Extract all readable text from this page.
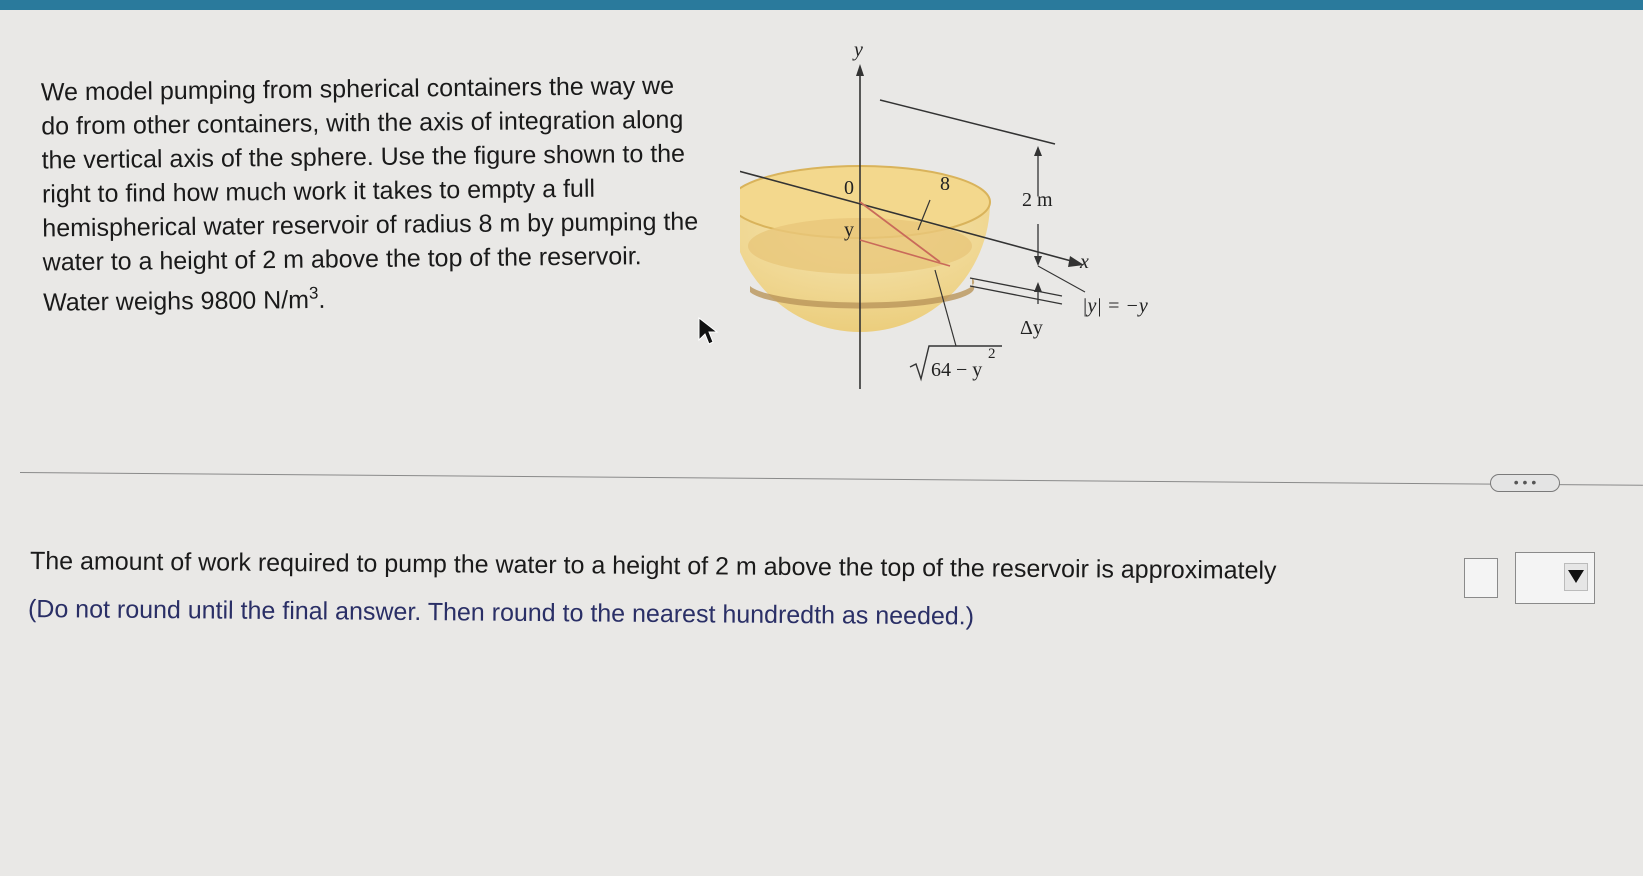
We model pumping from spherical containers the way we do from other containers, with the axis of integration along the vertical axis of the sphere. Use the figure shown to the right to find how much work it takes to empty a full hemispherical water reservoir of radius 8 m by pumping the water to a height of 2 m above the top of the reservoir. Water weighs 9800 $N/m^3$.
y
x
2 m
Δy
0	8
y
64 − y
2
|y| = −y
• • •
The amount of work required to pump the water to a height of 2 m above the top of the reservoir is approximately
(Do not round until the final answer. Then round to the nearest hundredth as needed.)
